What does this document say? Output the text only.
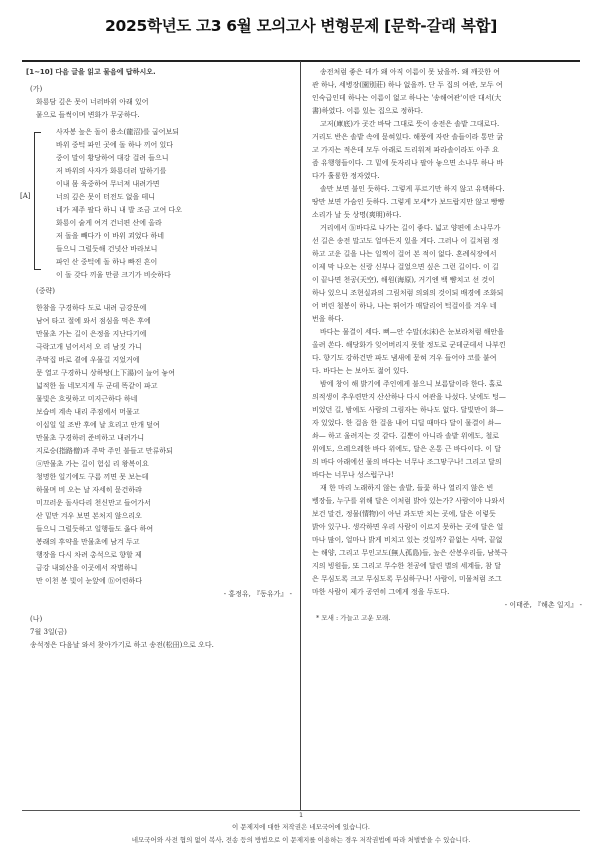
2025학년도 고3 6월 모의고사 변형문제 [문학-갈래 복합]
[1~10] 다음 글을 읽고 물음에 답하시오.
(가)
화룡담 깊은 못이 너러바위 아래 있어
뭍으로 들썩이며 변화가 무궁하다.
[A]
사자봉 높은 돌이 용소(龍沼)를 굽어보되
바위 중턱 파인 곳에 돌 하나 끼어 있다
중이 말이 황당하여 대강 걸려 들으니
저 바위의 사자가 화룡더러 말하기를
이내 몸 육중하여 무너져 내려가면
너의 깊은 못이 터전도 없을 테니
네가 제주 팔다 하니 내 발 조금 고여 다오
화룡이 숱게 여겨 건너편 산에 올라
저 돌을 빼다가 이 바위 괴었다 하네
들으니 그럴듯해 건넛산 바라보니
파인 산 중턱에 돌 하나 빠진 흔이
이 돌 갖다 끼울 만큼 크기가 비슷하다
(중략)
한참을 구경하다 도로 내려 금강문에
남여 타고 절에 와서 점심을 먹은 후에
만물초 가는 길이 은정을 지난다기에
극락고개 넘어서서 오 리 남짓 가니
주막집 바로 곁에 우물길 지었거에
문 열고 구경하니 상하탕(上下湯)이 늘어 놓여
넓적한 돌 네모지게 두 군데 똑같이 파고
물빛은 흐릿하고 미지근하다 하네
보습비 계속 내리 주점에서 머물고
이십일 일 조반 후에 날 흐리고 안개 덮여
만물초 구경하러 준비하고 내려가니
지로승(指路僧)과 주막 주인 불들고 만류하되
ⓐ만물초 가는 길이 험십 리 왕복이요
청명한 일기에도 구름 끼면 못 보는데
하물며 비 오는 날 자세히 묻건하랴
미끄러운 돌사다리 천신만고 들어가서
산 밑만 겨우 보면 본처지 않으리오
들으니 그럴듯하고 일행들도 옳다 하여
봉래의 후약을 만물초에 남겨 두고
행장을 다시 차려 총석으로 향할 제
금강 내외산을 이곳에서 작별하니
만 이천 봉 빛이 눈앞에 ⓑ어련하다
- 홍정유, 『동유가』 -
(나)
7월 3일(금)
송석정은 다음날 와서 찾아가기로 하고 송전(松田)으로 오다.
송전처럼 좋은 데가 왜 아직 이름이 못 났을까. 왜 깨끗한 여
관 하나, 세병장(園別莊) 하나 없을까. 단 두 집의 여관, 모두 여
인숙급인데 하나는 이름이 없고 하나는 '송해여관'이란 대서(大
書)하였다. 이름 있는 집으로 정하다.
고저(庫底)가 곳간 바닥 그대로 뜻이 송전은 솔밭 그대로다.
거리도 반은 솔밭 속에 묻혀있다. 해풍에 자란 솔들이라 통만 굵
고 가지는 적은데 모두 아래로 드리워져 파라솔이라도 아주 요
즘 유행형들이다. 그 밑에 돗자리나 팔아 놓으면 소나무 하나 바
다가 훌륭한 정자였다.
솔만 보면 불인 듯하다. 그렇게 푸르기만 하지 않고 유택하다.
땅만 보면 가슴인 듯하다. 그렇게 모새*가 보드랍지만 않고 빵빵
소리가 날 듯 상명(爽明)하다.
거리에서 ⓑ바다로 나가는 길이 좋다. 넓고 양편에 소나무가
선 길은 송전 말고도 얼마든지 있을 게다. 그러나 이 길처럼 정
하고 고운 길을 나는 일찍이 걸어 본 적이 없다. 혼례식장에서
이제 막 나오는 신랑 신부나 걸었으면 싶은 그런 길이다. 이 길
이 끝나면 천공(天空), 해원(海原), 거기엔 백 뺨치고 선 것이
하나 있으니 조현실과의 그림처럼 의외의 것이되 배경에 조화되
어 버린 철봉이 하나, 나는 뛰어가 매달리어 턱걸이를 겨우 네
번을 하다.
바다는 물결이 세다. 뻐—안 수말(水沫)은 눈보라처럼 해안을
올려 쏜다. 해당화가 잊어버리지 못할 정도로 군데군데서 나부낀
다. 향기도 강하건만 파도 냄새에 묻혀 겨우 들어야 코를 붙여
다. 바다는 는 보아도 젊어 있다.
밤에 창이 해 밝기에 주인에게 불으니 보름달이라 한다. 홀로
의적생이 추우련만지 산산하나 다시 여관을 나섰다. 낮에도 텅—
비었던 길, 밤에도 사람의 그림자는 하나도 없다. 달빛만이 화—
자 있었다. 한 걸음 한 걸음 내어 디딜 때마다 달이 물결이 솨—
솨— 하고 울려지는 것 같다. 길뿐이 아니라 솔밭 위에도, 철로
위에도, 으레으레한 바다 위에도, 달은 온통 근 바다이다. 이 달
의 바다 아래에선 물의 바다는 너무나 조그맣구나! 그리고 달의
바다는 너무나 성스럽구나!
재 한 마리 노래하지 않는 솔밭, 들꽃 하나 열리지 않은 빈
벵장들, 누구를 위해 달은 이처럼 밝아 있는가? 사람이야 나와서
보건 말건, 정물(情物)이 아닌 과도만 치는 곳에, 달은 이렇듯
밝아 있구나. 생각하면 우리 사람이 이르지 못하는 곳에 달은 얼
마나 많이, 얼마나 밝게 비치고 있는 것일까? 끝없는 사막, 끝없
는 해양, 그리고 무인고도(無人孤島)들, 높은 산봉우리들, 남북극
지의 빙원들, 또 그리고 무수한 천공에 달린 별의 세계들, 참 달
은 무심도록 크고 무심도록 무심하구나! 사람이, 미물처럼 조그
마한 사람이 제가 공연히 그에게 정을 두도다.
- 이태준, 『해촌 일지』 -
* 모새 : 가늘고 고운 모래.
1
이 문제지에 대한 저작권은 네모국어에 있습니다.
네모국어와 사전 협의 없이 복사, 전송 등의 방법으로 이 문제지를 이용하는 경우 저작권법에 따라 처벌받을 수 있습니다.
